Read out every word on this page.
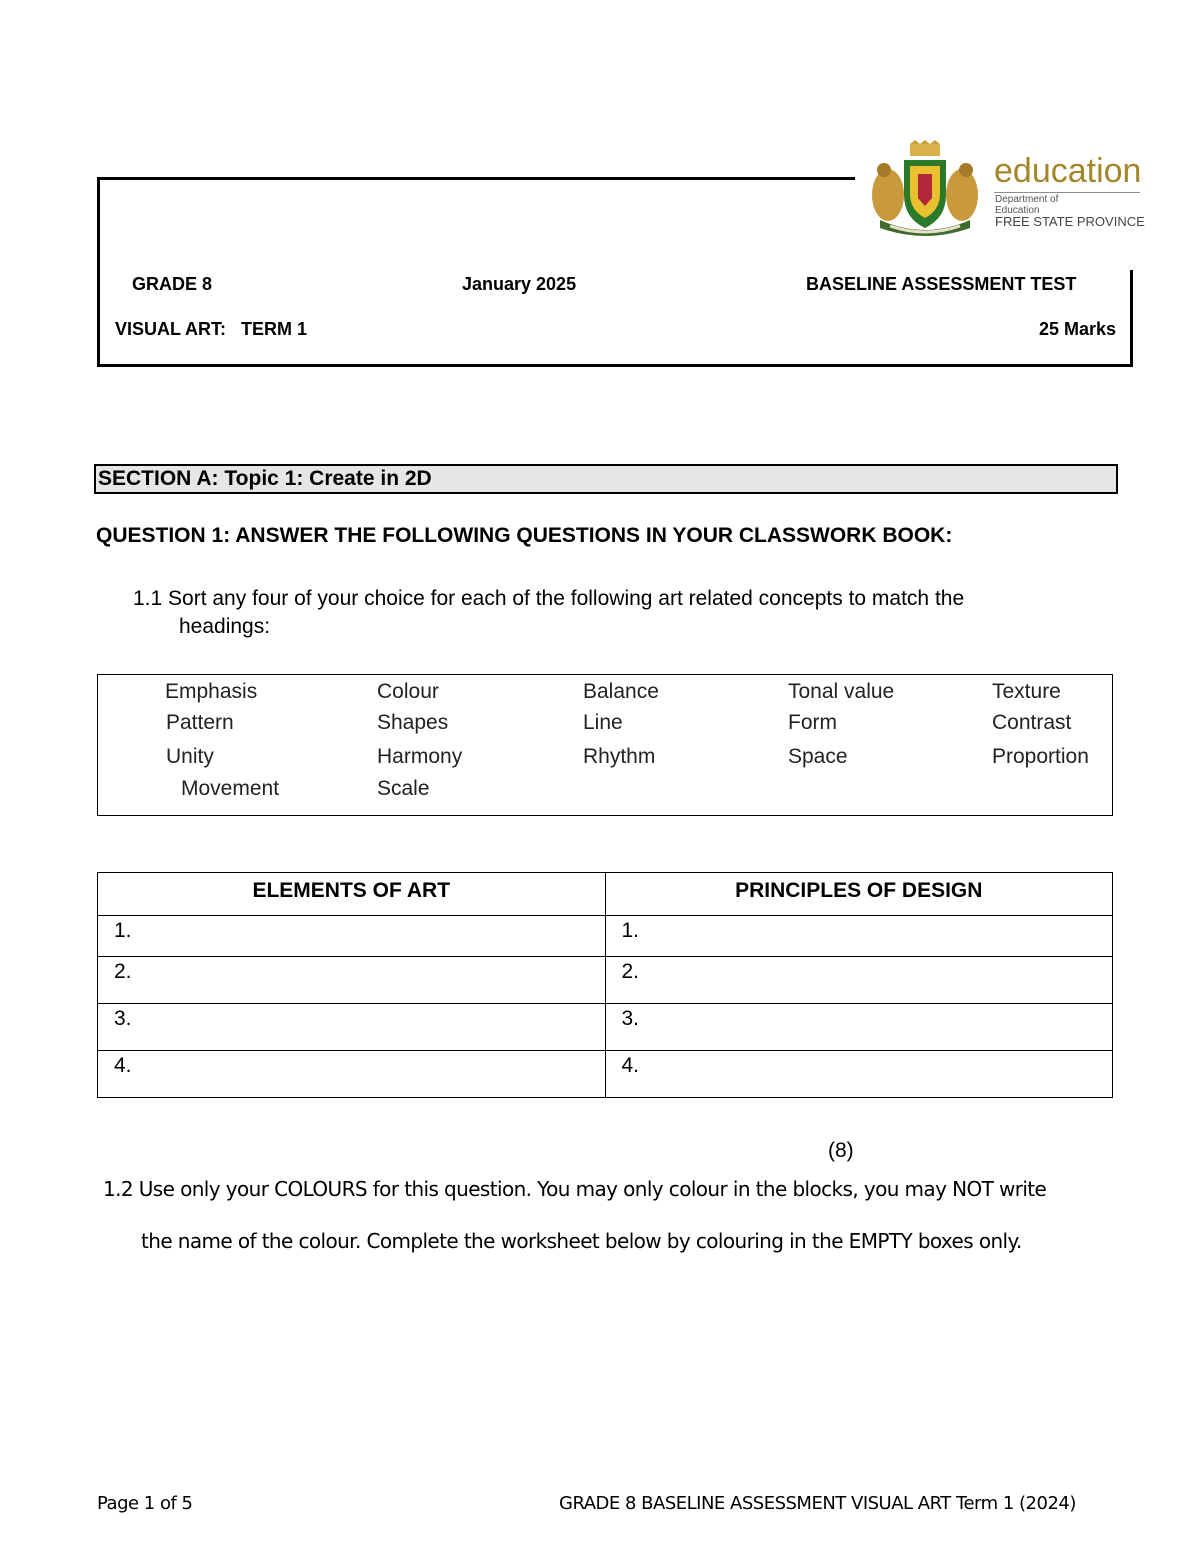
education
Department of
Education
FREE STATE PROVINCE
GRADE 8	January 2025	BASELINE ASSESSMENT TEST
VISUAL ART:   TERM 1	25 Marks
SECTION A: Topic 1: Create in 2D
QUESTION 1: ANSWER THE FOLLOWING QUESTIONS IN YOUR CLASSWORK BOOK:
1.1 Sort any four of your choice for each of the following art related concepts to match the
headings:
Emphasis	Colour	Balance	Tonal value	Texture
Pattern	Shapes	Line	Form	Contrast
Unity	Harmony	Rhythm	Space	Proportion
Movement	Scale
ELEMENTS OF ART	PRINCIPLES OF DESIGN
1.	1.
2.	2.
3.	3.
4.	4.
(8)
1.2 Use only your COLOURS for this question. You may only colour in the blocks, you may NOT write
the name of the colour. Complete the worksheet below by colouring in the EMPTY boxes only.
Page 1 of 5	GRADE 8 BASELINE ASSESSMENT VISUAL ART Term 1 (2024)
